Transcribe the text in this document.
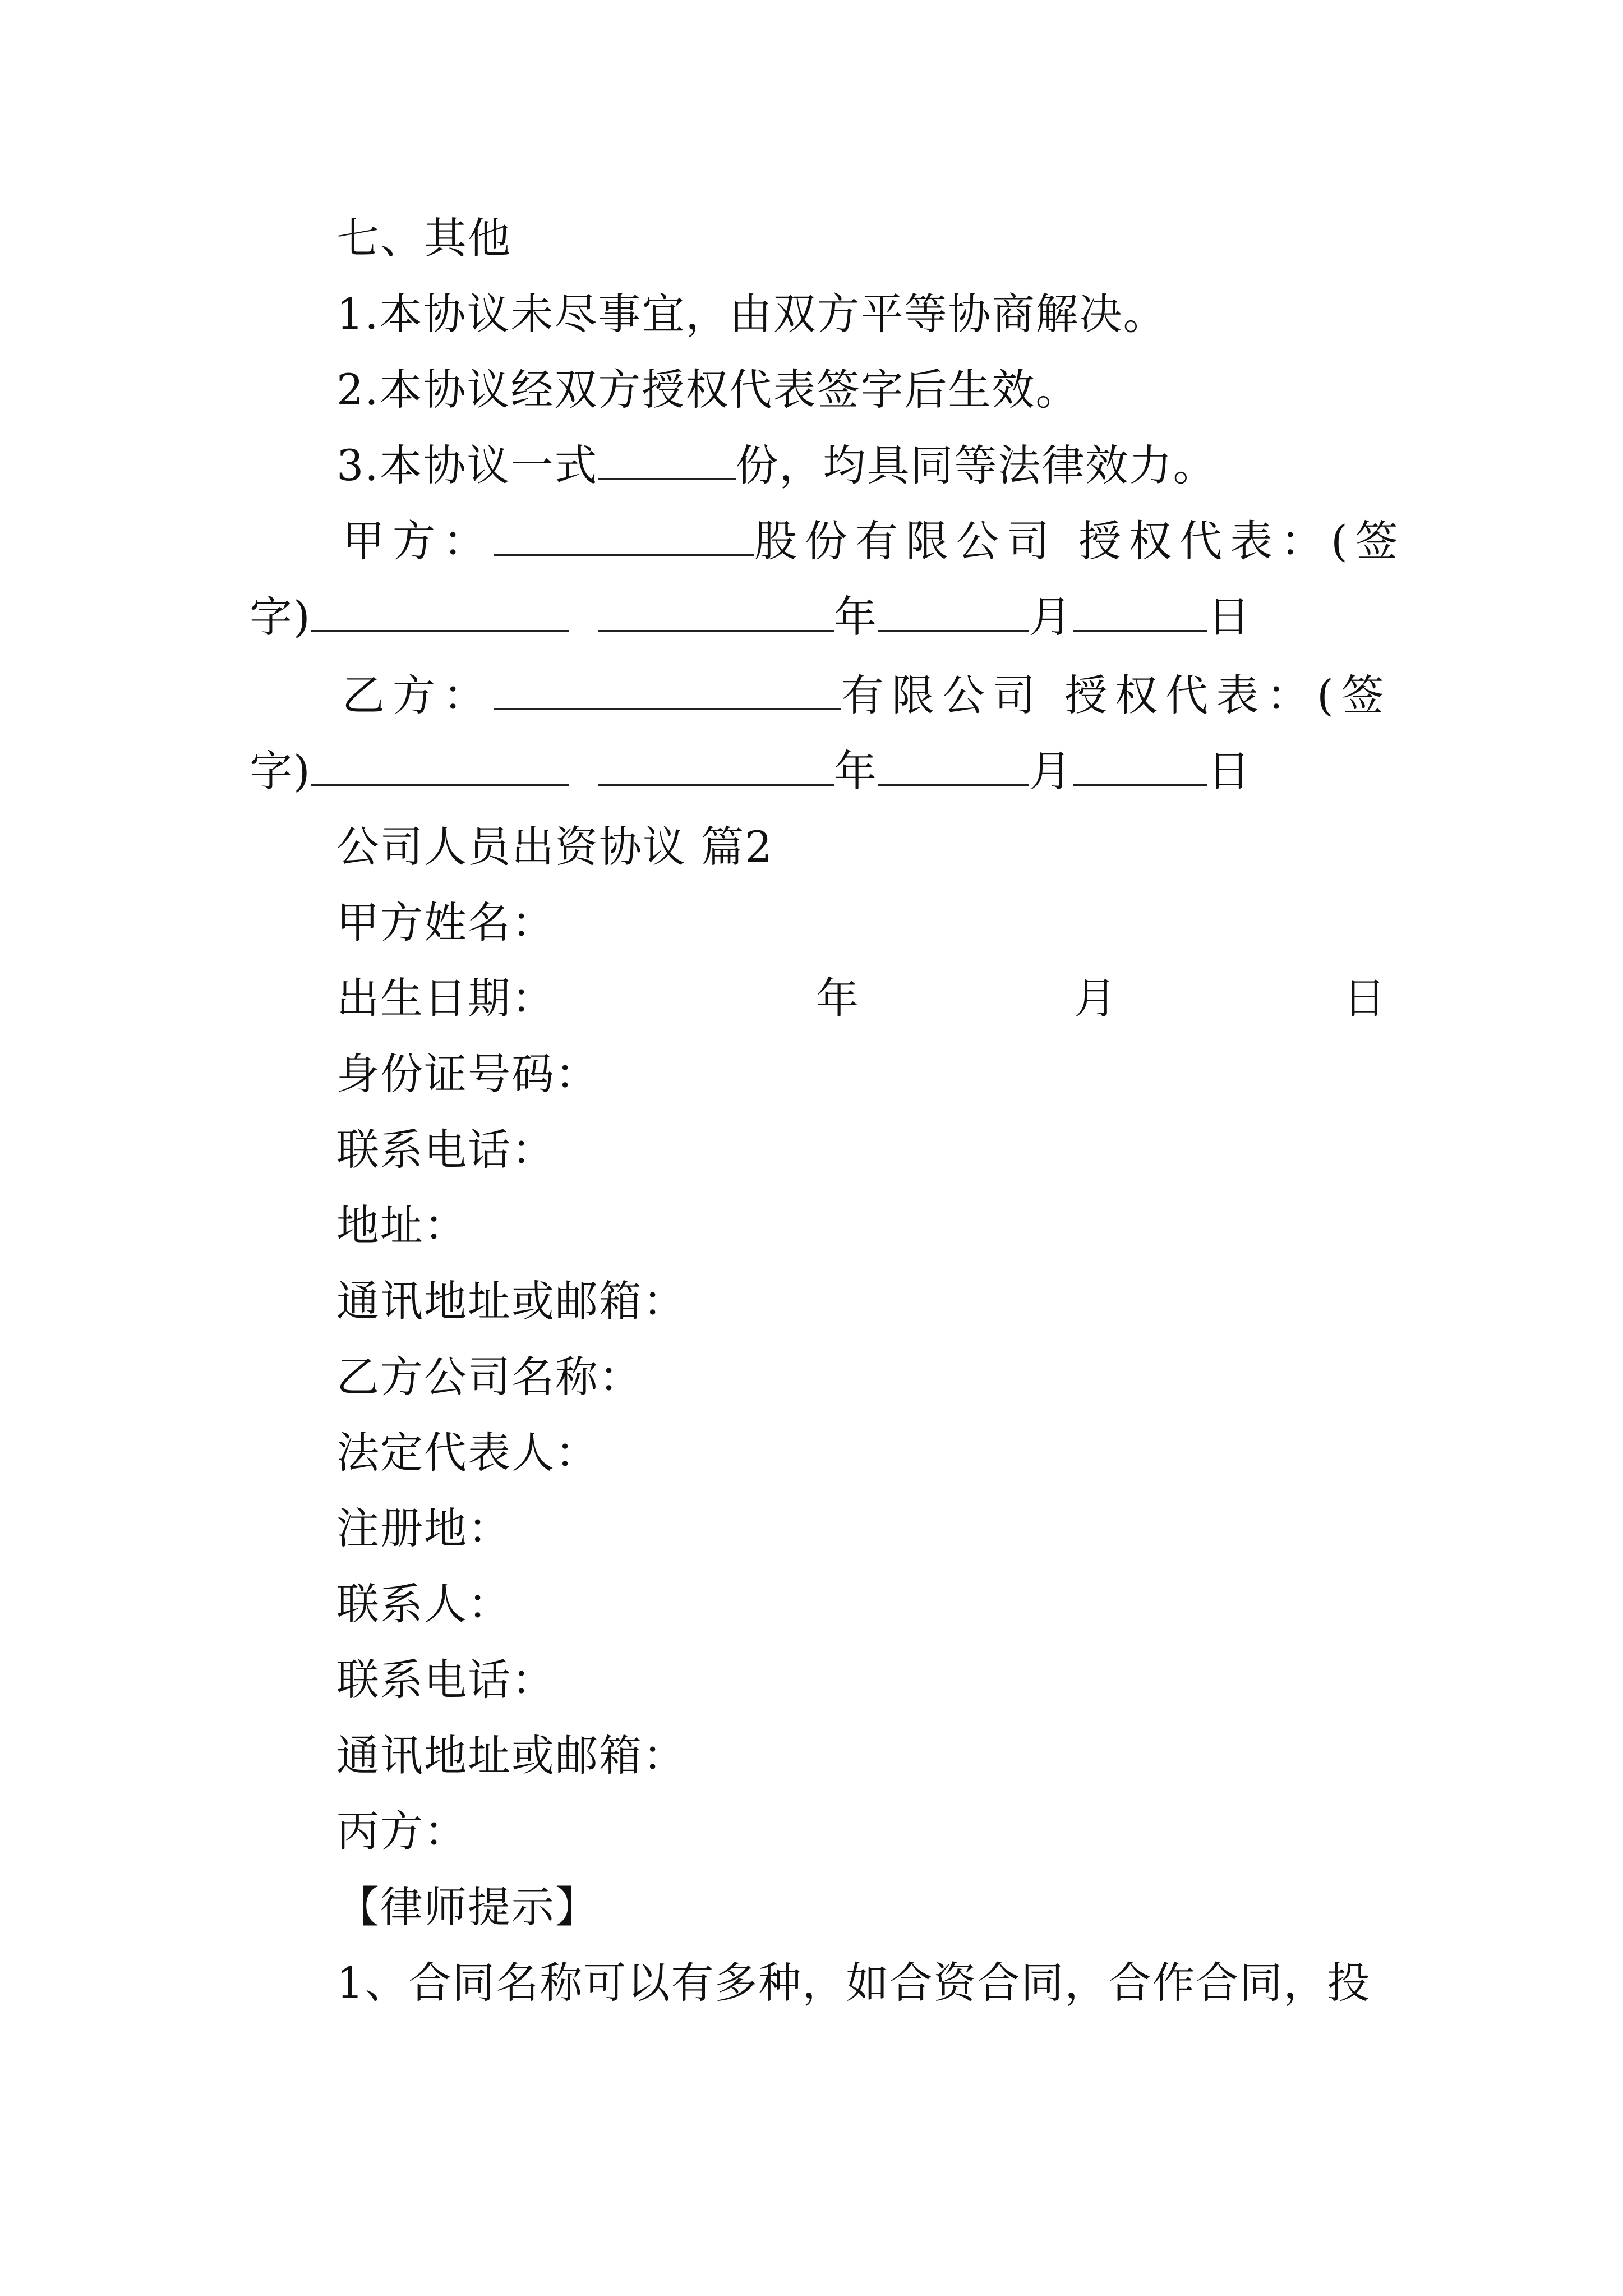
七、其他
1.本协议未尽事宜，由双方平等协商解决。
2.本协议经双方授权代表签字后生效。
3.本协议一式	份，均具同等法律效力。
甲方：	股份有限公司 授权代表：(签
字)	年	月	日
乙方：	有限公司 授权代表：(签
字)	年	月	日
公司人员出资协议 篇2
甲方姓名：
出生日期：	年	月	日
身份证号码：
联系电话：
地址：
通讯地址或邮箱：
乙方公司名称：
法定代表人：
注册地：
联系人：
联系电话：
通讯地址或邮箱：
丙方：
【律师提示】
1、合同名称可以有多种，如合资合同，合作合同，投
